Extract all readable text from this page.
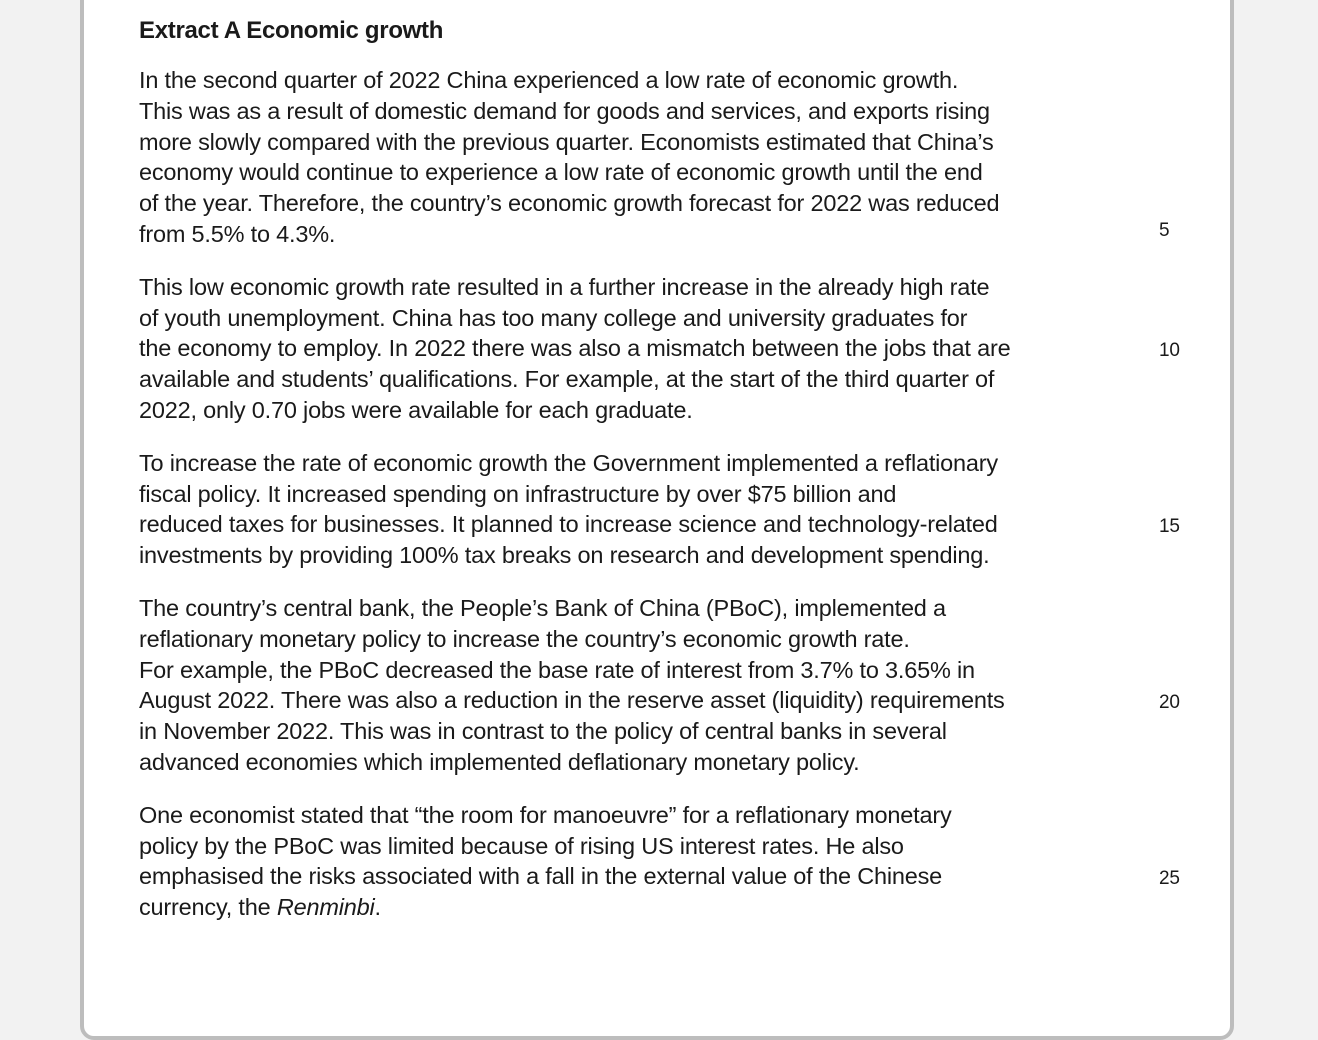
Extract A Economic growth
In the second quarter of 2022 China experienced a low rate of economic growth.
This was as a result of domestic demand for goods and services, and exports rising
more slowly compared with the previous quarter. Economists estimated that China’s
economy would continue to experience a low rate of economic growth until the end
of the year. Therefore, the country’s economic growth forecast for 2022 was reduced
from 5.5% to 4.3%.	5
This low economic growth rate resulted in a further increase in the already high rate
of youth unemployment. China has too many college and university graduates for
the economy to employ. In 2022 there was also a mismatch between the jobs that are
available and students’ qualifications. For example, at the start of the third quarter of
2022, only 0.70 jobs were available for each graduate.
10
To increase the rate of economic growth the Government implemented a reflationary
fiscal policy. It increased spending on infrastructure by over $75 billion and
reduced taxes for businesses. It planned to increase science and technology-related
investments by providing 100% tax breaks on research and development spending.
15
The country’s central bank, the People’s Bank of China (PBoC), implemented a
reflationary monetary policy to increase the country’s economic growth rate.
For example, the PBoC decreased the base rate of interest from 3.7% to 3.65% in
August 2022. There was also a reduction in the reserve asset (liquidity) requirements
in November 2022. This was in contrast to the policy of central banks in several
advanced economies which implemented deflationary monetary policy.
20
One economist stated that “the room for manoeuvre” for a reflationary monetary
policy by the PBoC was limited because of rising US interest rates. He also
emphasised the risks associated with a fall in the external value of the Chinese
currency, the Renminbi.
25
